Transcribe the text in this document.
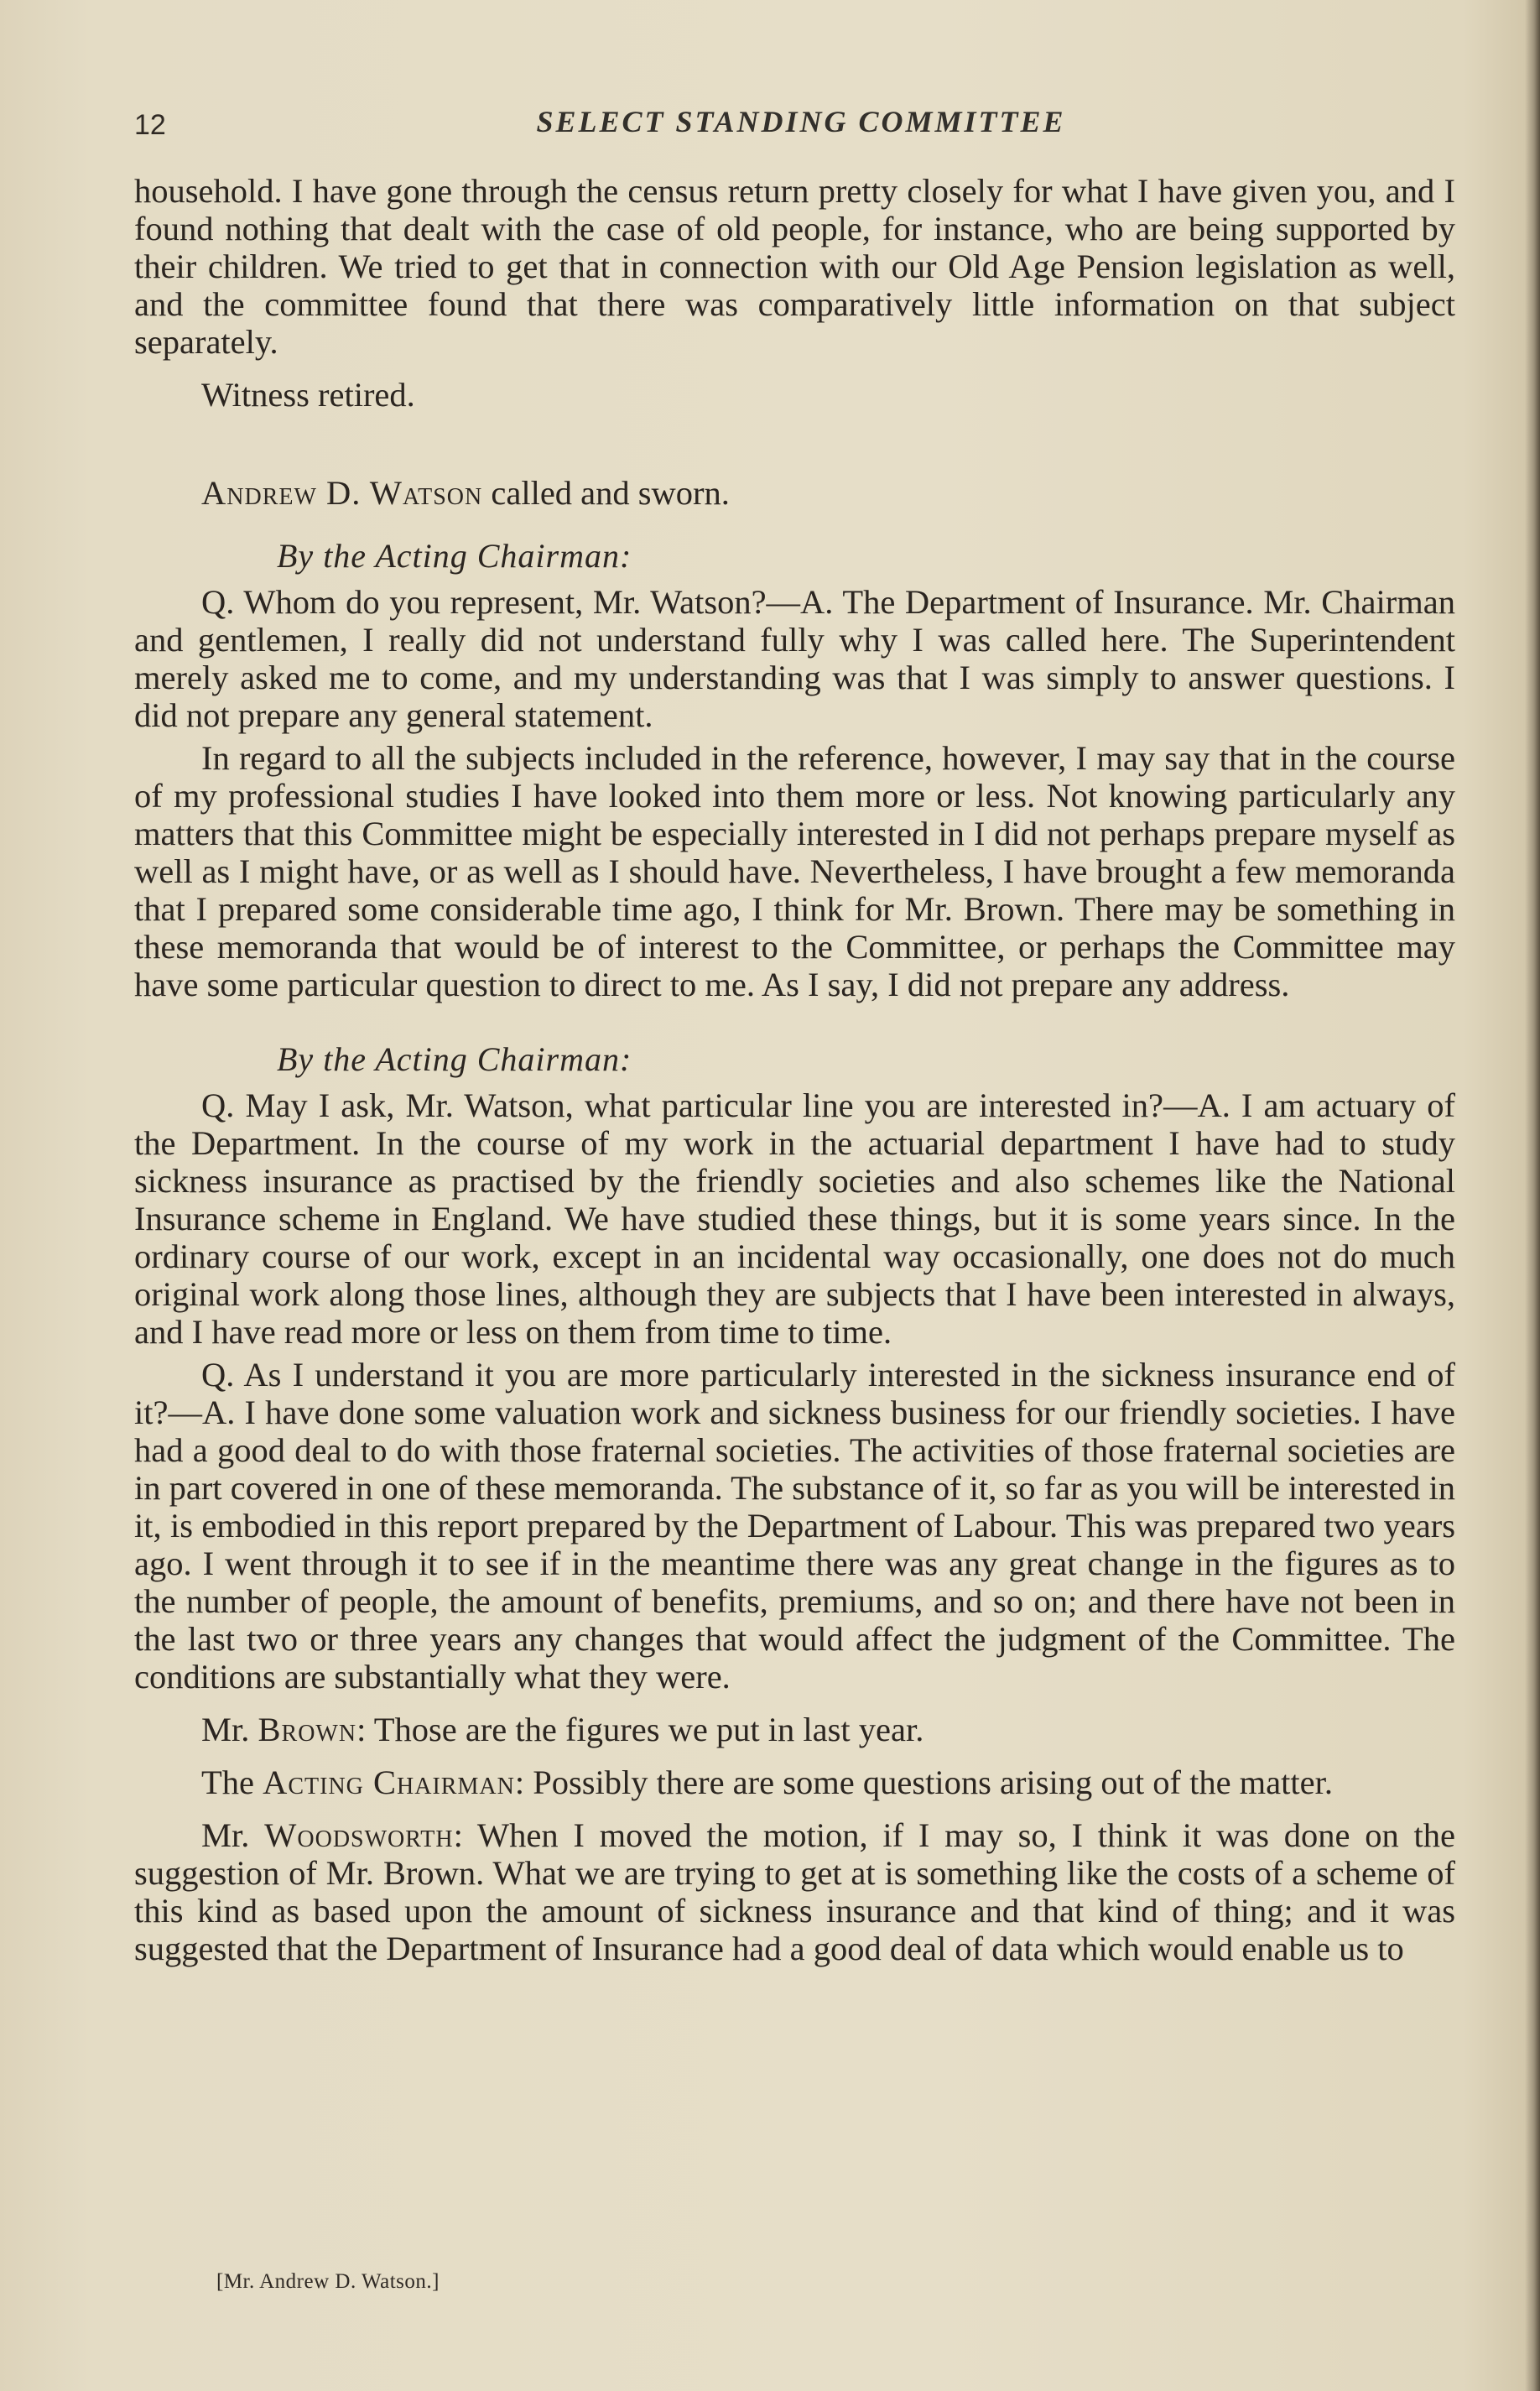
12	SELECT STANDING COMMITTEE

household. I have gone through the census return pretty closely for what I have given you, and I found nothing that dealt with the case of old people, for instance, who are being supported by their children. We tried to get that in connection with our Old Age Pension legislation as well, and the committee found that there was comparatively little information on that subject separately.

Witness retired.

Andrew D. Watson called and sworn.

By the Acting Chairman:

Q. Whom do you represent, Mr. Watson?—A. The Department of Insurance. Mr. Chairman and gentlemen, I really did not understand fully why I was called here. The Superintendent merely asked me to come, and my understanding was that I was simply to answer questions. I did not prepare any general statement.

In regard to all the subjects included in the reference, however, I may say that in the course of my professional studies I have looked into them more or less. Not knowing particularly any matters that this Committee might be especially interested in I did not perhaps prepare myself as well as I might have, or as well as I should have. Nevertheless, I have brought a few memoranda that I prepared some considerable time ago, I think for Mr. Brown. There may be something in these memoranda that would be of interest to the Committee, or perhaps the Committee may have some particular question to direct to me. As I say, I did not prepare any address.

By the Acting Chairman:

Q. May I ask, Mr. Watson, what particular line you are interested in?—A. I am actuary of the Department. In the course of my work in the actuarial department I have had to study sickness insurance as practised by the friendly societies and also schemes like the National Insurance scheme in England. We have studied these things, but it is some years since. In the ordinary course of our work, except in an incidental way occasionally, one does not do much original work along those lines, although they are subjects that I have been interested in always, and I have read more or less on them from time to time.

Q. As I understand it you are more particularly interested in the sickness insurance end of it?—A. I have done some valuation work and sickness business for our friendly societies. I have had a good deal to do with those fraternal societies. The activities of those fraternal societies are in part covered in one of these memoranda. The substance of it, so far as you will be interested in it, is embodied in this report prepared by the Department of Labour. This was prepared two years ago. I went through it to see if in the meantime there was any great change in the figures as to the number of people, the amount of benefits, premiums, and so on; and there have not been in the last two or three years any changes that would affect the judgment of the Committee. The conditions are substantially what they were.

Mr. Brown: Those are the figures we put in last year.

The Acting Chairman: Possibly there are some questions arising out of the matter.

Mr. Woodsworth: When I moved the motion, if I may so, I think it was done on the suggestion of Mr. Brown. What we are trying to get at is something like the costs of a scheme of this kind as based upon the amount of sickness insurance and that kind of thing; and it was suggested that the Department of Insurance had a good deal of data which would enable us to

[Mr. Andrew D. Watson.]
